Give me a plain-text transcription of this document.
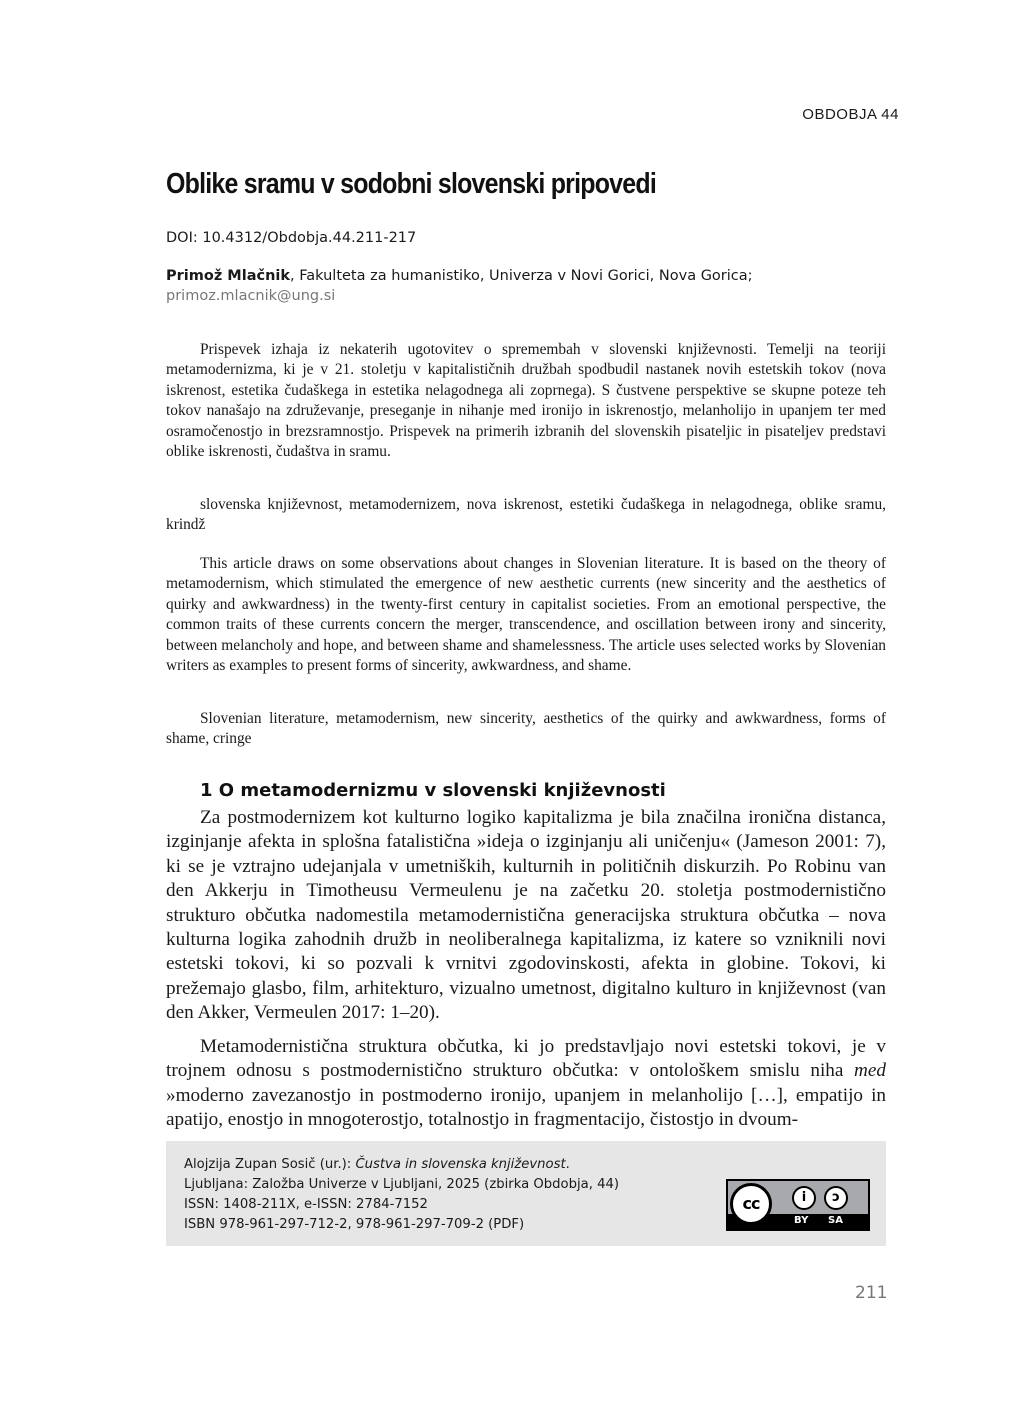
OBDOBJA 44
Oblike sramu v sodobni slovenski pripovedi
DOI: 10.4312/Obdobja.44.211-217
Primož Mlačnik, Fakulteta za humanistiko, Univerza v Novi Gorici, Nova Gorica;
primoz.mlacnik@ung.si

Prispevek izhaja iz nekaterih ugotovitev o spremembah v slovenski književnosti. Temelji na teoriji metamodernizma, ki je v 21. stoletju v kapitalističnih družbah spodbudil nastanek novih estetskih tokov (nova iskrenost, estetika čudaškega in estetika nelagodnega ali zoprnega). S čustvene perspektive se skupne poteze teh tokov nanašajo na združevanje, preseganje in nihanje med ironijo in iskrenostjo, melanholijo in upanjem ter med osramočenostjo in brezsramnostjo. Prispevek na primerih izbranih del slovenskih pisateljic in pisateljev predstavi oblike iskrenosti, čudaštva in sramu.

slovenska književnost, metamodernizem, nova iskrenost, estetiki čudaškega in nelagodnega, oblike sramu, krindž

This article draws on some observations about changes in Slovenian literature. It is based on the theory of metamodernism, which stimulated the emergence of new aesthetic currents (new sincerity and the aesthetics of quirky and awkwardness) in the twenty-first century in capitalist societies. From an emotional perspective, the common traits of these currents concern the merger, transcendence, and oscillation between irony and sincerity, between melancholy and hope, and between shame and shamelessness. The article uses selected works by Slovenian writers as examples to present forms of sincerity, awkwardness, and shame.

Slovenian literature, metamodernism, new sincerity, aesthetics of the quirky and awkwardness, forms of shame, cringe

1 O metamodernizmu v slovenski književnosti

Za postmodernizem kot kulturno logiko kapitalizma je bila značilna ironična distanca, izginjanje afekta in splošna fatalistična »ideja o izginjanju ali uničenju« (Jameson 2001: 7), ki se je vztrajno udejanjala v umetniških, kulturnih in političnih diskurzih. Po Robinu van den Akkerju in Timotheusu Vermeulenu je na začetku 20. stoletja postmodernistično strukturo občutka nadomestila metamodernistična generacijska struktura občutka – nova kulturna logika zahodnih družb in neoliberalnega kapitalizma, iz katere so vzniknili novi estetski tokovi, ki so pozvali k vrnitvi zgodovinskosti, afekta in globine. Tokovi, ki prežemajo glasbo, film, arhitekturo, vizualno umetnost, digitalno kulturo in književnost (van den Akker, Vermeulen 2017: 1–20).

Metamodernistična struktura občutka, ki jo predstavljajo novi estetski tokovi, je v trojnem odnosu s postmodernistično strukturo občutka: v ontološkem smislu niha med »moderno zavezanostjo in postmoderno ironijo, upanjem in melanholijo […], empatijo in apatijo, enostjo in mnogoterostjo, totalnostjo in fragmentacijo, čistostjo in dvoum-

Alojzija Zupan Sosič (ur.): Čustva in slovenska književnost.
Ljubljana: Založba Univerze v Ljubljani, 2025 (zbirka Obdobja, 44)
ISSN: 1408-211X, e-ISSN: 2784-7152
ISBN 978-961-297-712-2, 978-961-297-709-2 (PDF)
cc	i	ↄ
BY SA
211
